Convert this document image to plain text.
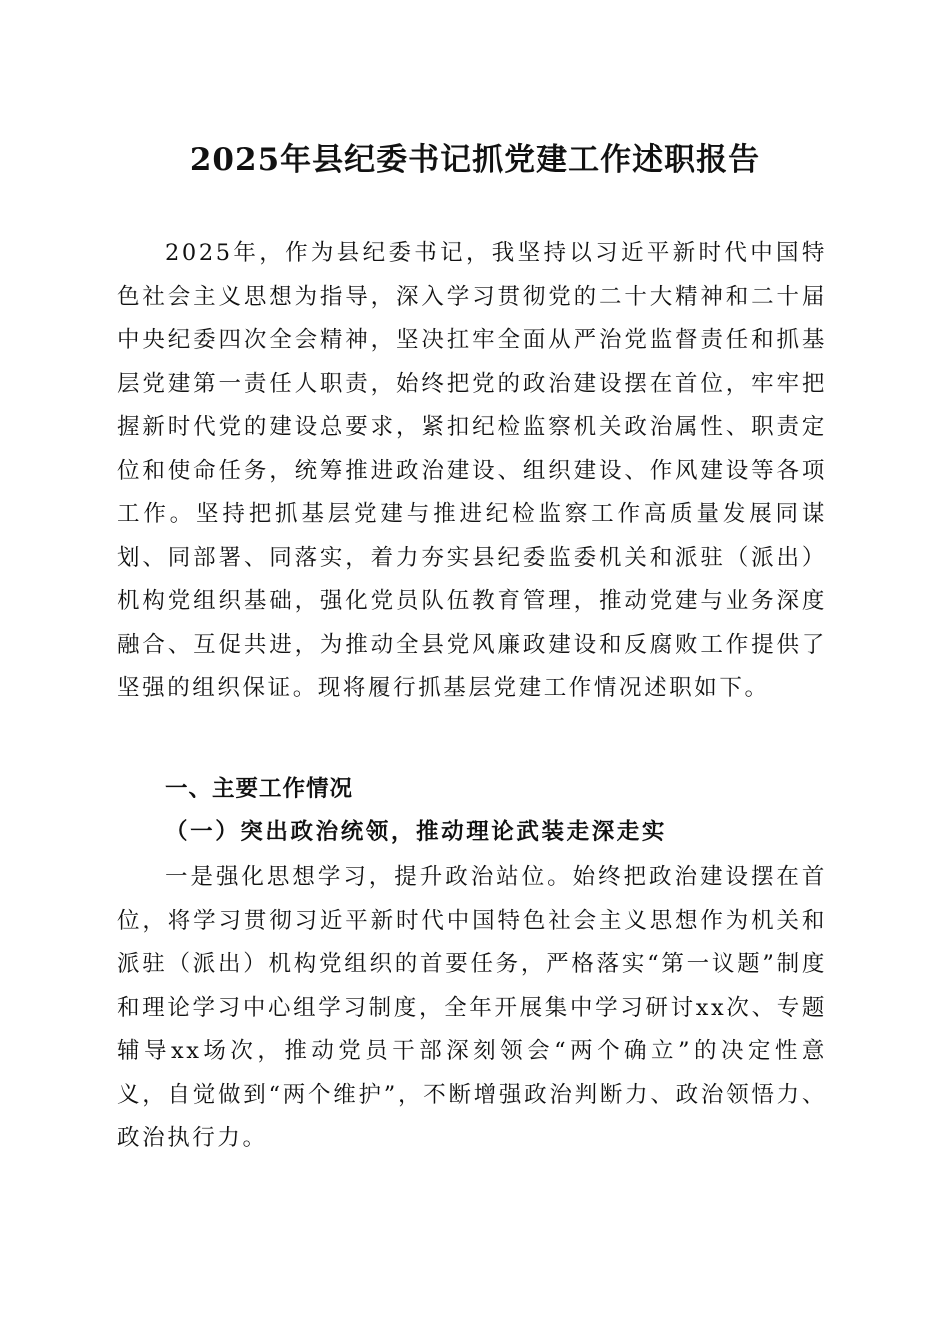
2025年县纪委书记抓党建工作述职报告

2025年，作为县纪委书记，我坚持以习近平新时代中国特色社会主义思想为指导，深入学习贯彻党的二十大精神和二十届中央纪委四次全会精神，坚决扛牢全面从严治党监督责任和抓基层党建第一责任人职责，始终把党的政治建设摆在首位，牢牢把握新时代党的建设总要求，紧扣纪检监察机关政治属性、职责定位和使命任务，统筹推进政治建设、组织建设、作风建设等各项工作。坚持把抓基层党建与推进纪检监察工作高质量发展同谋划、同部署、同落实，着力夯实县纪委监委机关和派驻（派出）机构党组织基础，强化党员队伍教育管理，推动党建与业务深度融合、互促共进，为推动全县党风廉政建设和反腐败工作提供了坚强的组织保证。现将履行抓基层党建工作情况述职如下。

一、主要工作情况
（一）突出政治统领，推动理论武装走深走实

一是强化思想学习，提升政治站位。始终把政治建设摆在首位，将学习贯彻习近平新时代中国特色社会主义思想作为机关和派驻（派出）机构党组织的首要任务，严格落实“第一议题”制度和理论学习中心组学习制度，全年开展集中学习研讨xx次、专题辅导xx场次，推动党员干部深刻领会“两个确立”的决定性意义，自觉做到“两个维护”，不断增强政治判断力、政治领悟力、政治执行力。
